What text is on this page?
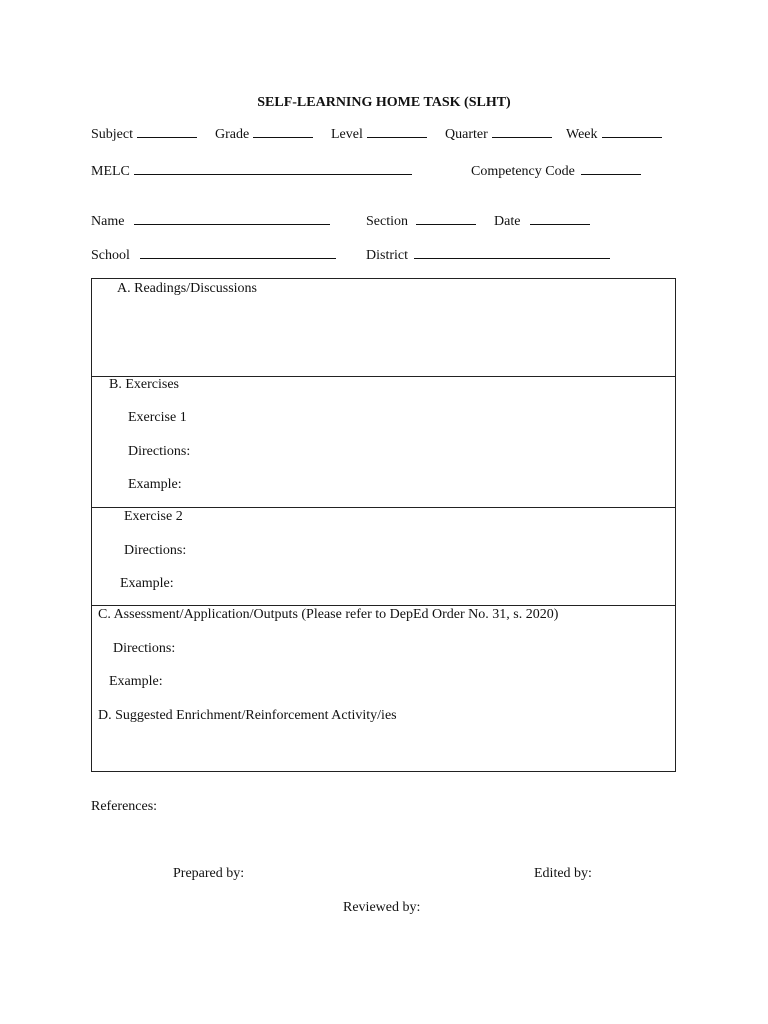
SELF-LEARNING HOME TASK (SLHT)
Subject	Grade	Level	Quarter	Week
MELC	Competency Code
Name	Section	Date
School	District
A. Readings/Discussions
B. Exercises
Exercise 1
Directions:
Example:
Exercise 2
Directions:
Example:
C. Assessment/Application/Outputs (Please refer to DepEd Order No. 31, s. 2020)
Directions:
Example:
D. Suggested Enrichment/Reinforcement Activity/ies
References:
Prepared by:	Edited by:
Reviewed by:
